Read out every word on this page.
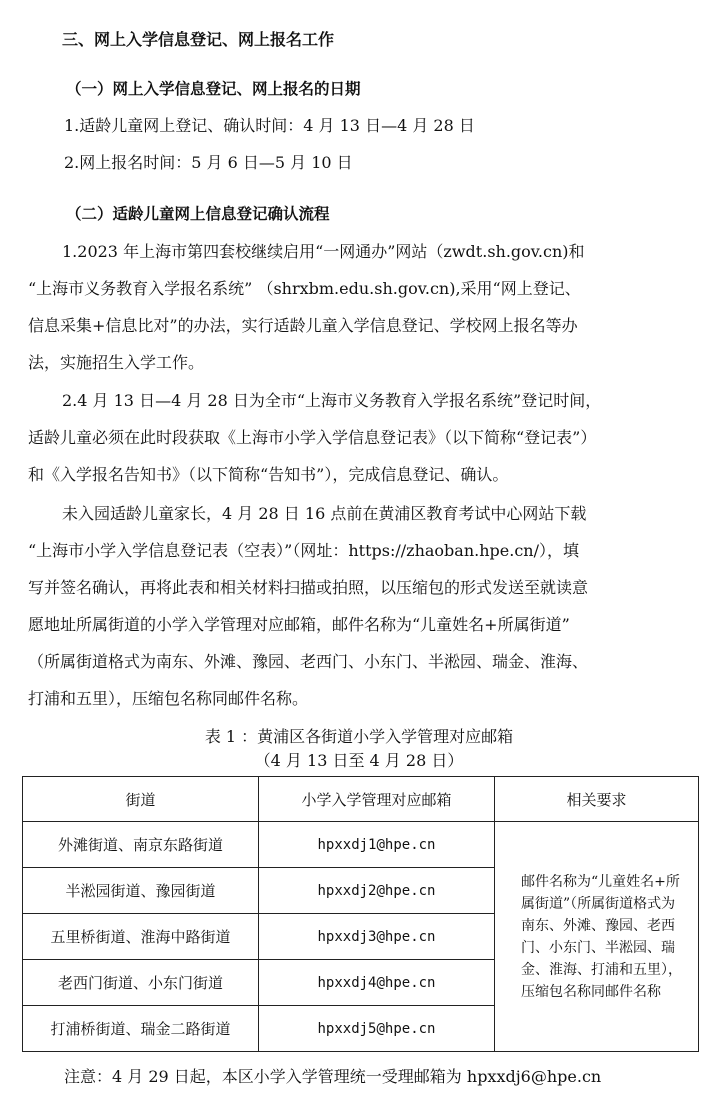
三、网上入学信息登记、网上报名工作
（一）网上入学信息登记、网上报名的日期
1.适龄儿童网上登记、确认时间：4 月 13 日—4 月 28 日
2.网上报名时间：5 月 6 日—5 月 10 日
（二）适龄儿童网上信息登记确认流程
1.2023 年上海市第四套校继续启用“一网通办”网站（zwdt.sh.gov.cn)和
“上海市义务教育入学报名系统” （shrxbm.edu.sh.gov.cn),采用“网上登记、
信息采集+信息比对”的办法，实行适龄儿童入学信息登记、学校网上报名等办
法，实施招生入学工作。
2.4 月 13 日—4 月 28 日为全市“上海市义务教育入学报名系统”登记时间，
适龄儿童必须在此时段获取《上海市小学入学信息登记表》（以下简称“登记表”）
和《入学报名告知书》（以下简称“告知书”），完成信息登记、确认。
未入园适龄儿童家长，4 月 28 日 16 点前在黄浦区教育考试中心网站下载
“上海市小学入学信息登记表（空表）”（网址：https://zhaoban.hpe.cn/），填
写并签名确认，再将此表和相关材料扫描或拍照，以压缩包的形式发送至就读意
愿地址所属街道的小学入学管理对应邮箱，邮件名称为“儿童姓名+所属街道”
（所属街道格式为南东、外滩、豫园、老西门、小东门、半淞园、瑞金、淮海、
打浦和五里），压缩包名称同邮件名称。
表 1 ：黄浦区各街道小学入学管理对应邮箱
（4 月 13 日至 4 月 28 日）
街道	小学入学管理对应邮箱	相关要求
外滩街道、南京东路街道	hpxxdj1@hpe.cn	邮件名称为“儿童姓名+所属街道”（所属街道格式为南东、外滩、豫园、老西门、小东门、半淞园、瑞金、淮海、打浦和五里），压缩包名称同邮件名称
半淞园街道、豫园街道	hpxxdj2@hpe.cn	
五里桥街道、淮海中路街道	hpxxdj3@hpe.cn	
老西门街道、小东门街道	hpxxdj4@hpe.cn	
打浦桥街道、瑞金二路街道	hpxxdj5@hpe.cn	
注意：4 月 29 日起，本区小学入学管理统一受理邮箱为 hpxxdj6@hpe.cn
